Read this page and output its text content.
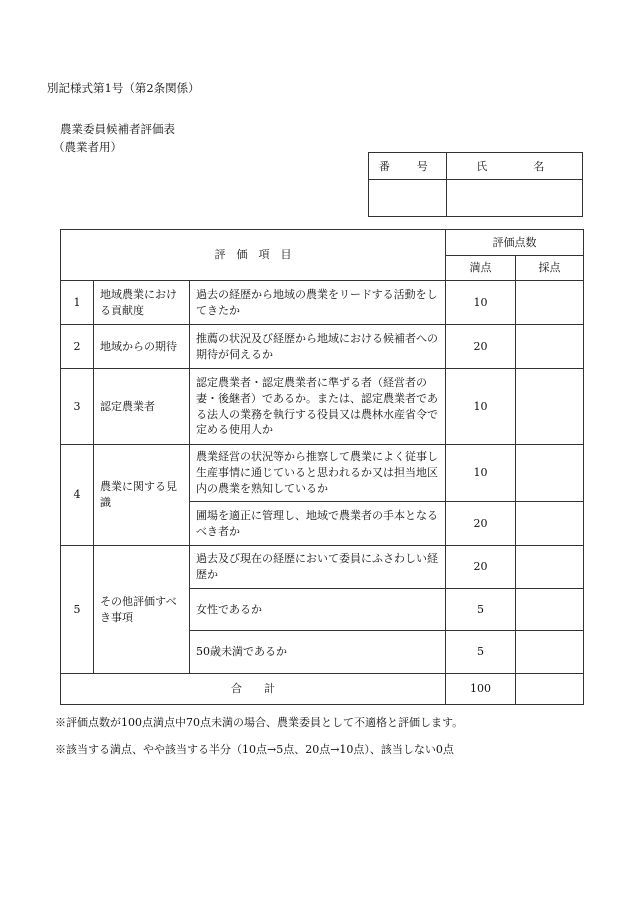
別記様式第1号（第2条関係）
農業委員候補者評価表
（農業者用）
番　号	氏　　名

評　価　項　目			評価点数	
			満点	採点
1	地域農業における貢献度	過去の経歴から地域の農業をリードする活動をしてきたか	10	
2	地域からの期待	推薦の状況及び経歴から地域における候補者への期待が伺えるか	20	
3	認定農業者	認定農業者・認定農業者に準ずる者（経営者の妻・後継者）であるか。または、認定農業者である法人の業務を執行する役員又は農林水産省令で定める使用人か	10	
4	農業に関する見識	農業経営の状況等から推察して農業によく従事し生産事情に通じていると思われるか又は担当地区内の農業を熟知しているか	10	
		圃場を適正に管理し、地域で農業者の手本となるべき者か	20	
5	その他評価すべき事項	過去及び現在の経歴において委員にふさわしい経歴か	20	
		女性であるか	5	
		50歳未満であるか	5	
合　　計			100	
※評価点数が100点満点中70点未満の場合、農業委員として不適格と評価します。
※該当する満点、やや該当する半分（10点→5点、20点→10点）、該当しない0点
